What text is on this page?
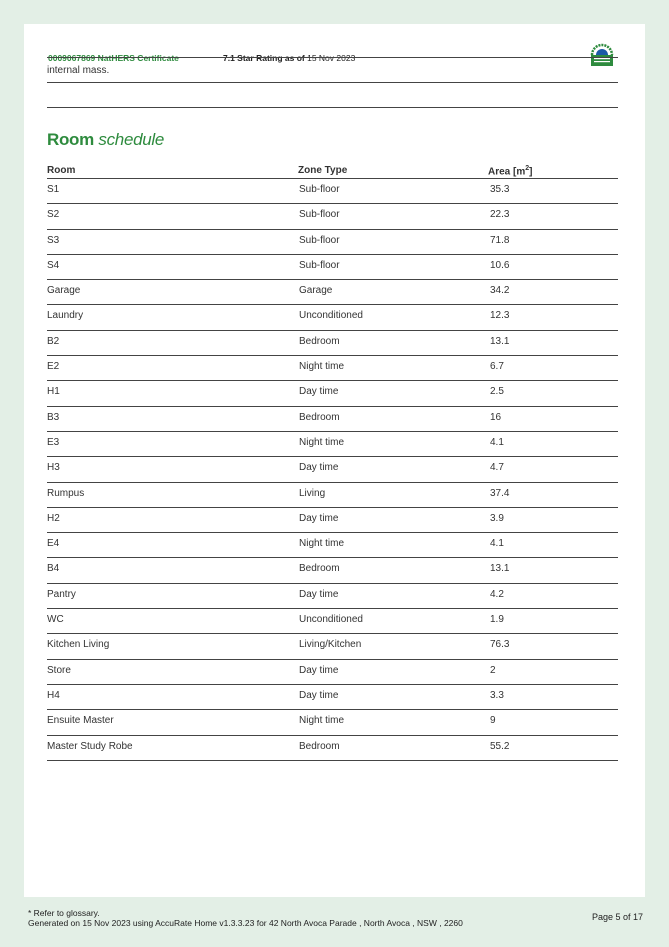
0009067869 NatHERS Certificate	7.1 Star Rating as of 15 Nov 2023
internal mass.
Room schedule
Room	Zone Type	Area $[m^2]$
S1	Sub-floor	35.3
S2	Sub-floor	22.3
S3	Sub-floor	71.8
S4	Sub-floor	10.6
Garage	Garage	34.2
Laundry	Unconditioned	12.3
B2	Bedroom	13.1
E2	Night time	6.7
H1	Day time	2.5
B3	Bedroom	16
E3	Night time	4.1
H3	Day time	4.7
Rumpus	Living	37.4
H2	Day time	3.9
E4	Night time	4.1
B4	Bedroom	13.1
Pantry	Day time	4.2
WC	Unconditioned	1.9
Kitchen Living	Living/Kitchen	76.3
Store	Day time	2
H4	Day time	3.3
Ensuite Master	Night time	9
Master Study Robe	Bedroom	55.2
* Refer to glossary.
Generated on 15 Nov 2023 using AccuRate Home v1.3.3.23 for 42 North Avoca Parade , North Avoca , NSW , 2260
Page 5 of 17
